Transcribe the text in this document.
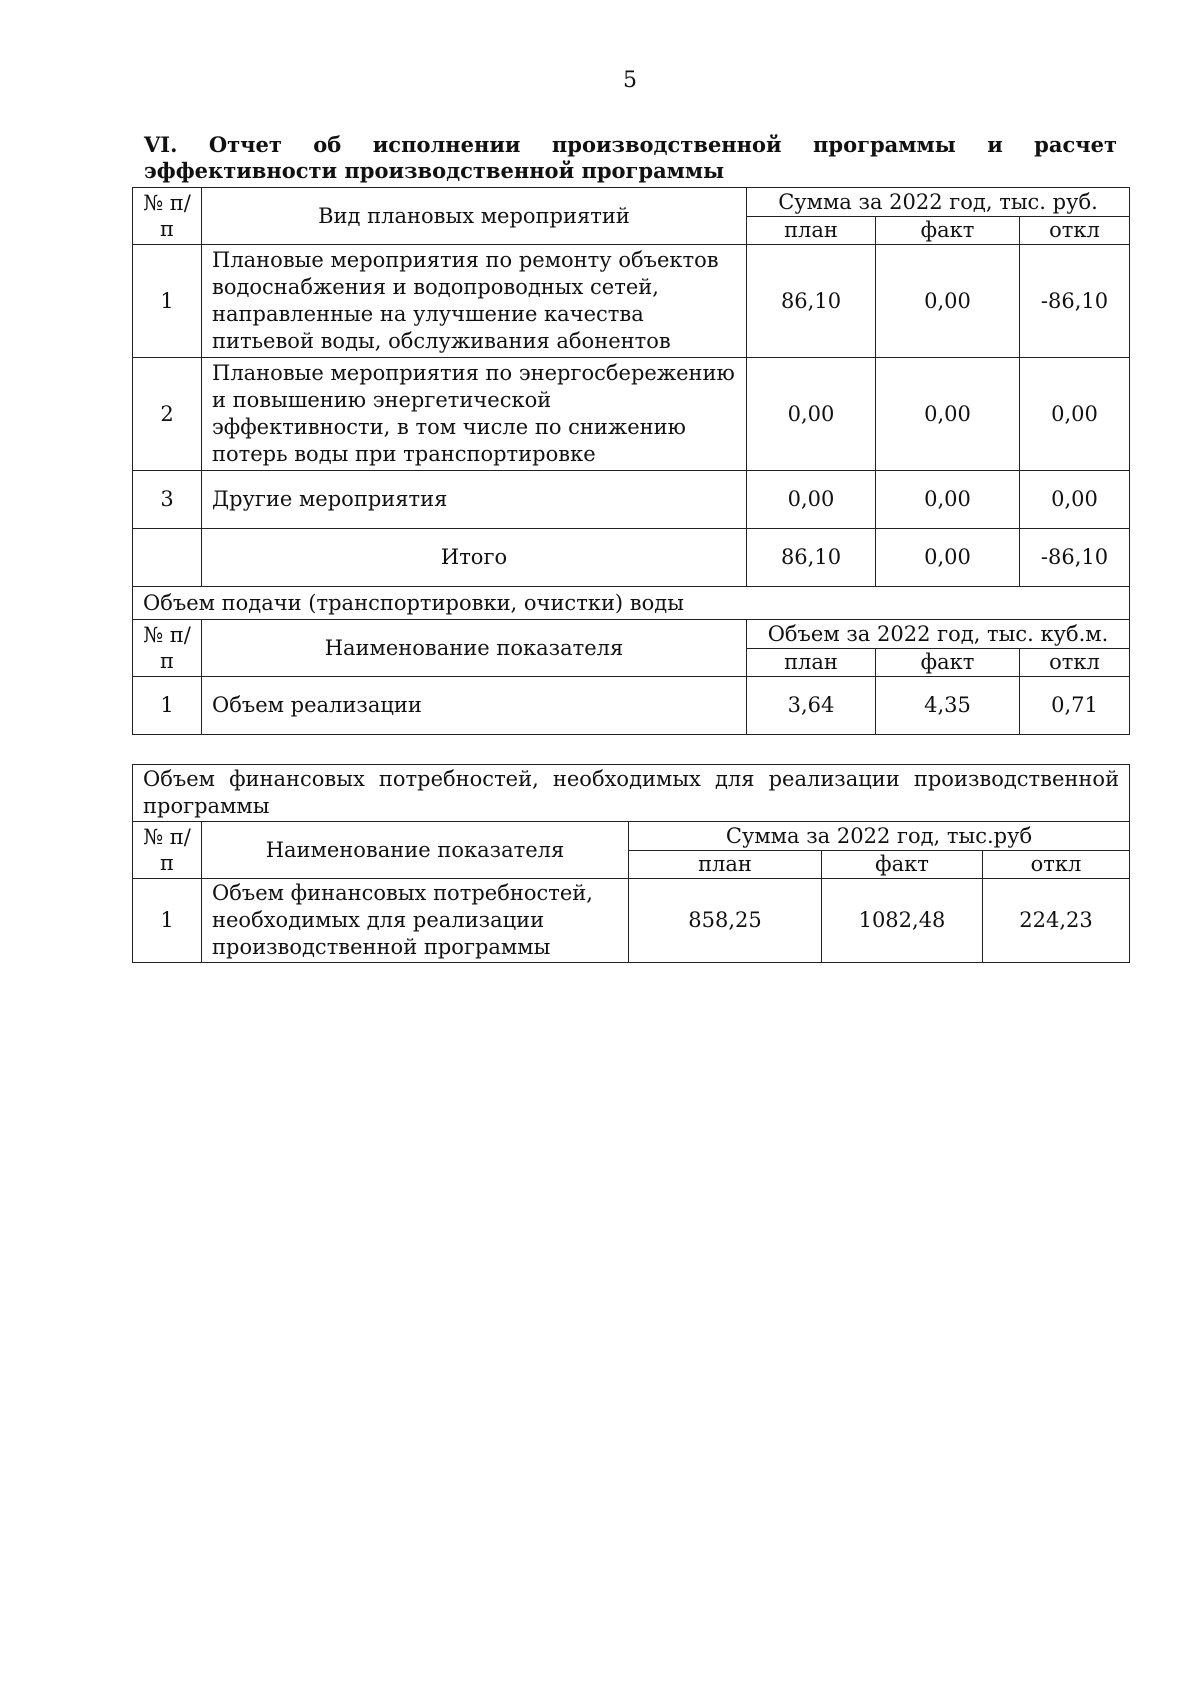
5
VI. Отчет об исполнении производственной программы и расчет эффективности производственной программы
№ п/п	Вид плановых мероприятий	Сумма за 2022 год, тыс. руб.		
		план	факт	откл
1	Плановые мероприятия по ремонту объектов водоснабжения и водопроводных сетей, направленные на улучшение качества питьевой воды, обслуживания абонентов	86,10	0,00	-86,10
2	Плановые мероприятия по энергосбережению и повышению энергетической эффективности, в том числе по снижению потерь воды при транспортировке	0,00	0,00	0,00
3	Другие мероприятия	0,00	0,00	0,00
	Итого	86,10	0,00	-86,10
Объем подачи (транспортировки, очистки) воды				
№ п/п	Наименование показателя	Объем за 2022 год, тыс. куб.м.		
		план	факт	откл
1	Объем реализации	3,64	4,35	0,71
Объем финансовых потребностей, необходимых для реализации производственной программы				
№ п/п	Наименование показателя	Сумма за 2022 год, тыс.руб		
		план	факт	откл
1	Объем финансовых потребностей, необходимых для реализации производственной программы	858,25	1082,48	224,23
